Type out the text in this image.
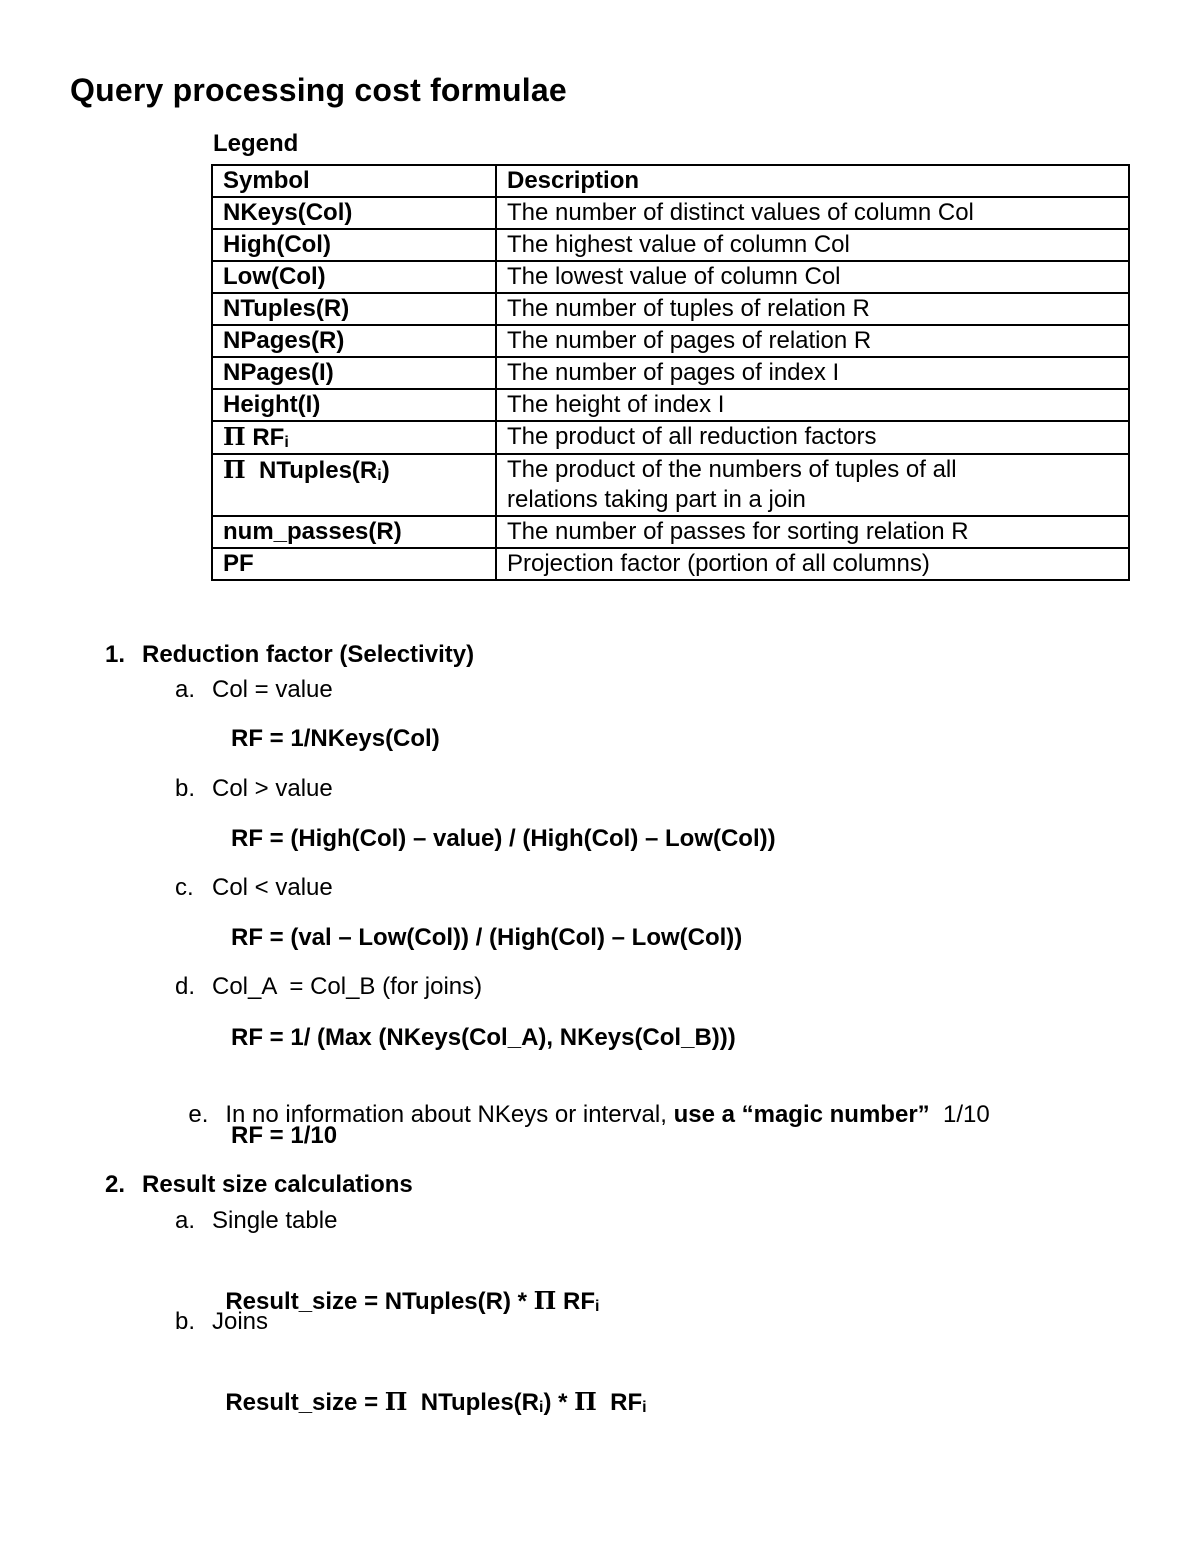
Query processing cost formulae
Legend
Symbol	Description
NKeys(Col)	The number of distinct values of column Col
High(Col)	The highest value of column Col
Low(Col)	The lowest value of column Col
NTuples(R)	The number of tuples of relation R
NPages(R)	The number of pages of relation R
NPages(I)	The number of pages of index I
Height(I)	The height of index I
Π $RF_i$	The product of all reduction factors
Π $NTuples(R_i)$	The product of the numbers of tuples of all
relations taking part in a join

num_passes(R)	The number of passes for sorting relation R
PF	Projection factor (portion of all columns)
1. Reduction factor (Selectivity)
a. Col = value
RF = 1/NKeys(Col)
b. Col > value
RF = (High(Col) – value) / (High(Col) – Low(Col))
c. Col < value
RF = (val – Low(Col)) / (High(Col) – Low(Col))
d. Col_A  = Col_B (for joins)
RF = 1/ (Max (NKeys(Col_A), NKeys(Col_B)))

e. In no information about NKeys or interval, use a “magic number”  1/10

RF = 1/10
2. Result size calculations
a. Single table

Result_size = NTuples(R) * Π $RF_i$

b. Joins

Result_size = Π  $NTuples(R_i)$ * Π  $RF_i$
